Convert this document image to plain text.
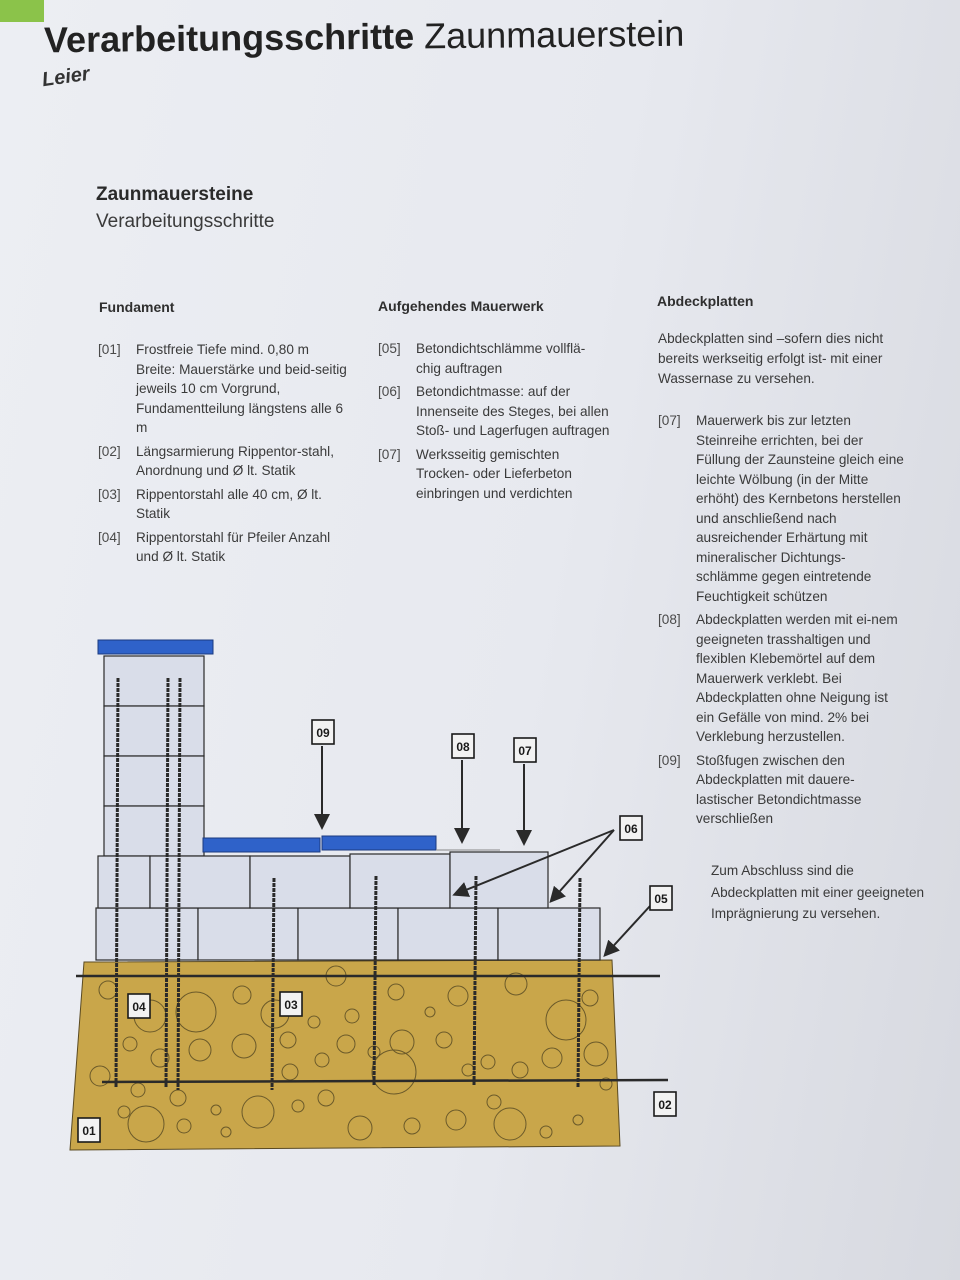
Verarbeitungsschritte Zaunmauerstein
Leier
Zaunmauersteine
Verarbeitungsschritte
Fundament
[01]	Frostfreie Tiefe mind. 0,80 m Breite: Mauerstärke und beid-seitig jeweils 10 cm Vorgrund, Fundamentteilung längstens alle 6 m
[02]	Längsarmierung Rippentor-stahl, Anordnung und Ø lt. Statik
[03]	Rippentorstahl alle 40 cm, Ø lt. Statik
[04]	Rippentorstahl für Pfeiler Anzahl und Ø lt. Statik
Aufgehendes Mauerwerk
[05]	Betondichtschlämme vollflä-chig auftragen
[06]	Betondichtmasse: auf der Innenseite des Steges, bei allen Stoß- und Lagerfugen auftragen
[07]	Werksseitig gemischten Trocken- oder Lieferbeton einbringen und verdichten
Abdeckplatten
Abdeckplatten sind –sofern dies nicht bereits werkseitig erfolgt ist- mit einer Wassernase zu versehen.
[07]	Mauerwerk bis zur letzten Steinreihe errichten, bei der Füllung der Zaunsteine gleich eine leichte Wölbung (in der Mitte erhöht) des Kernbetons herstellen und anschließend nach ausreichender Erhärtung mit mineralischer Dichtungs-schlämme gegen eintretende Feuchtigkeit schützen
[08]	Abdeckplatten werden mit ei-nem geeigneten trasshaltigen und flexiblen Klebemörtel auf dem Mauerwerk verklebt. Bei Abdeckplatten ohne Neigung ist ein Gefälle von mind. 2% bei Verklebung herzustellen.
[09]	Stoßfugen zwischen den Abdeckplatten mit dauere-lastischer Betondichtmasse verschließen
Zum Abschluss sind die Abdeckplatten mit einer geeigneten Imprägnierung zu versehen.
01
02
03
04
05
06
07
08
09
